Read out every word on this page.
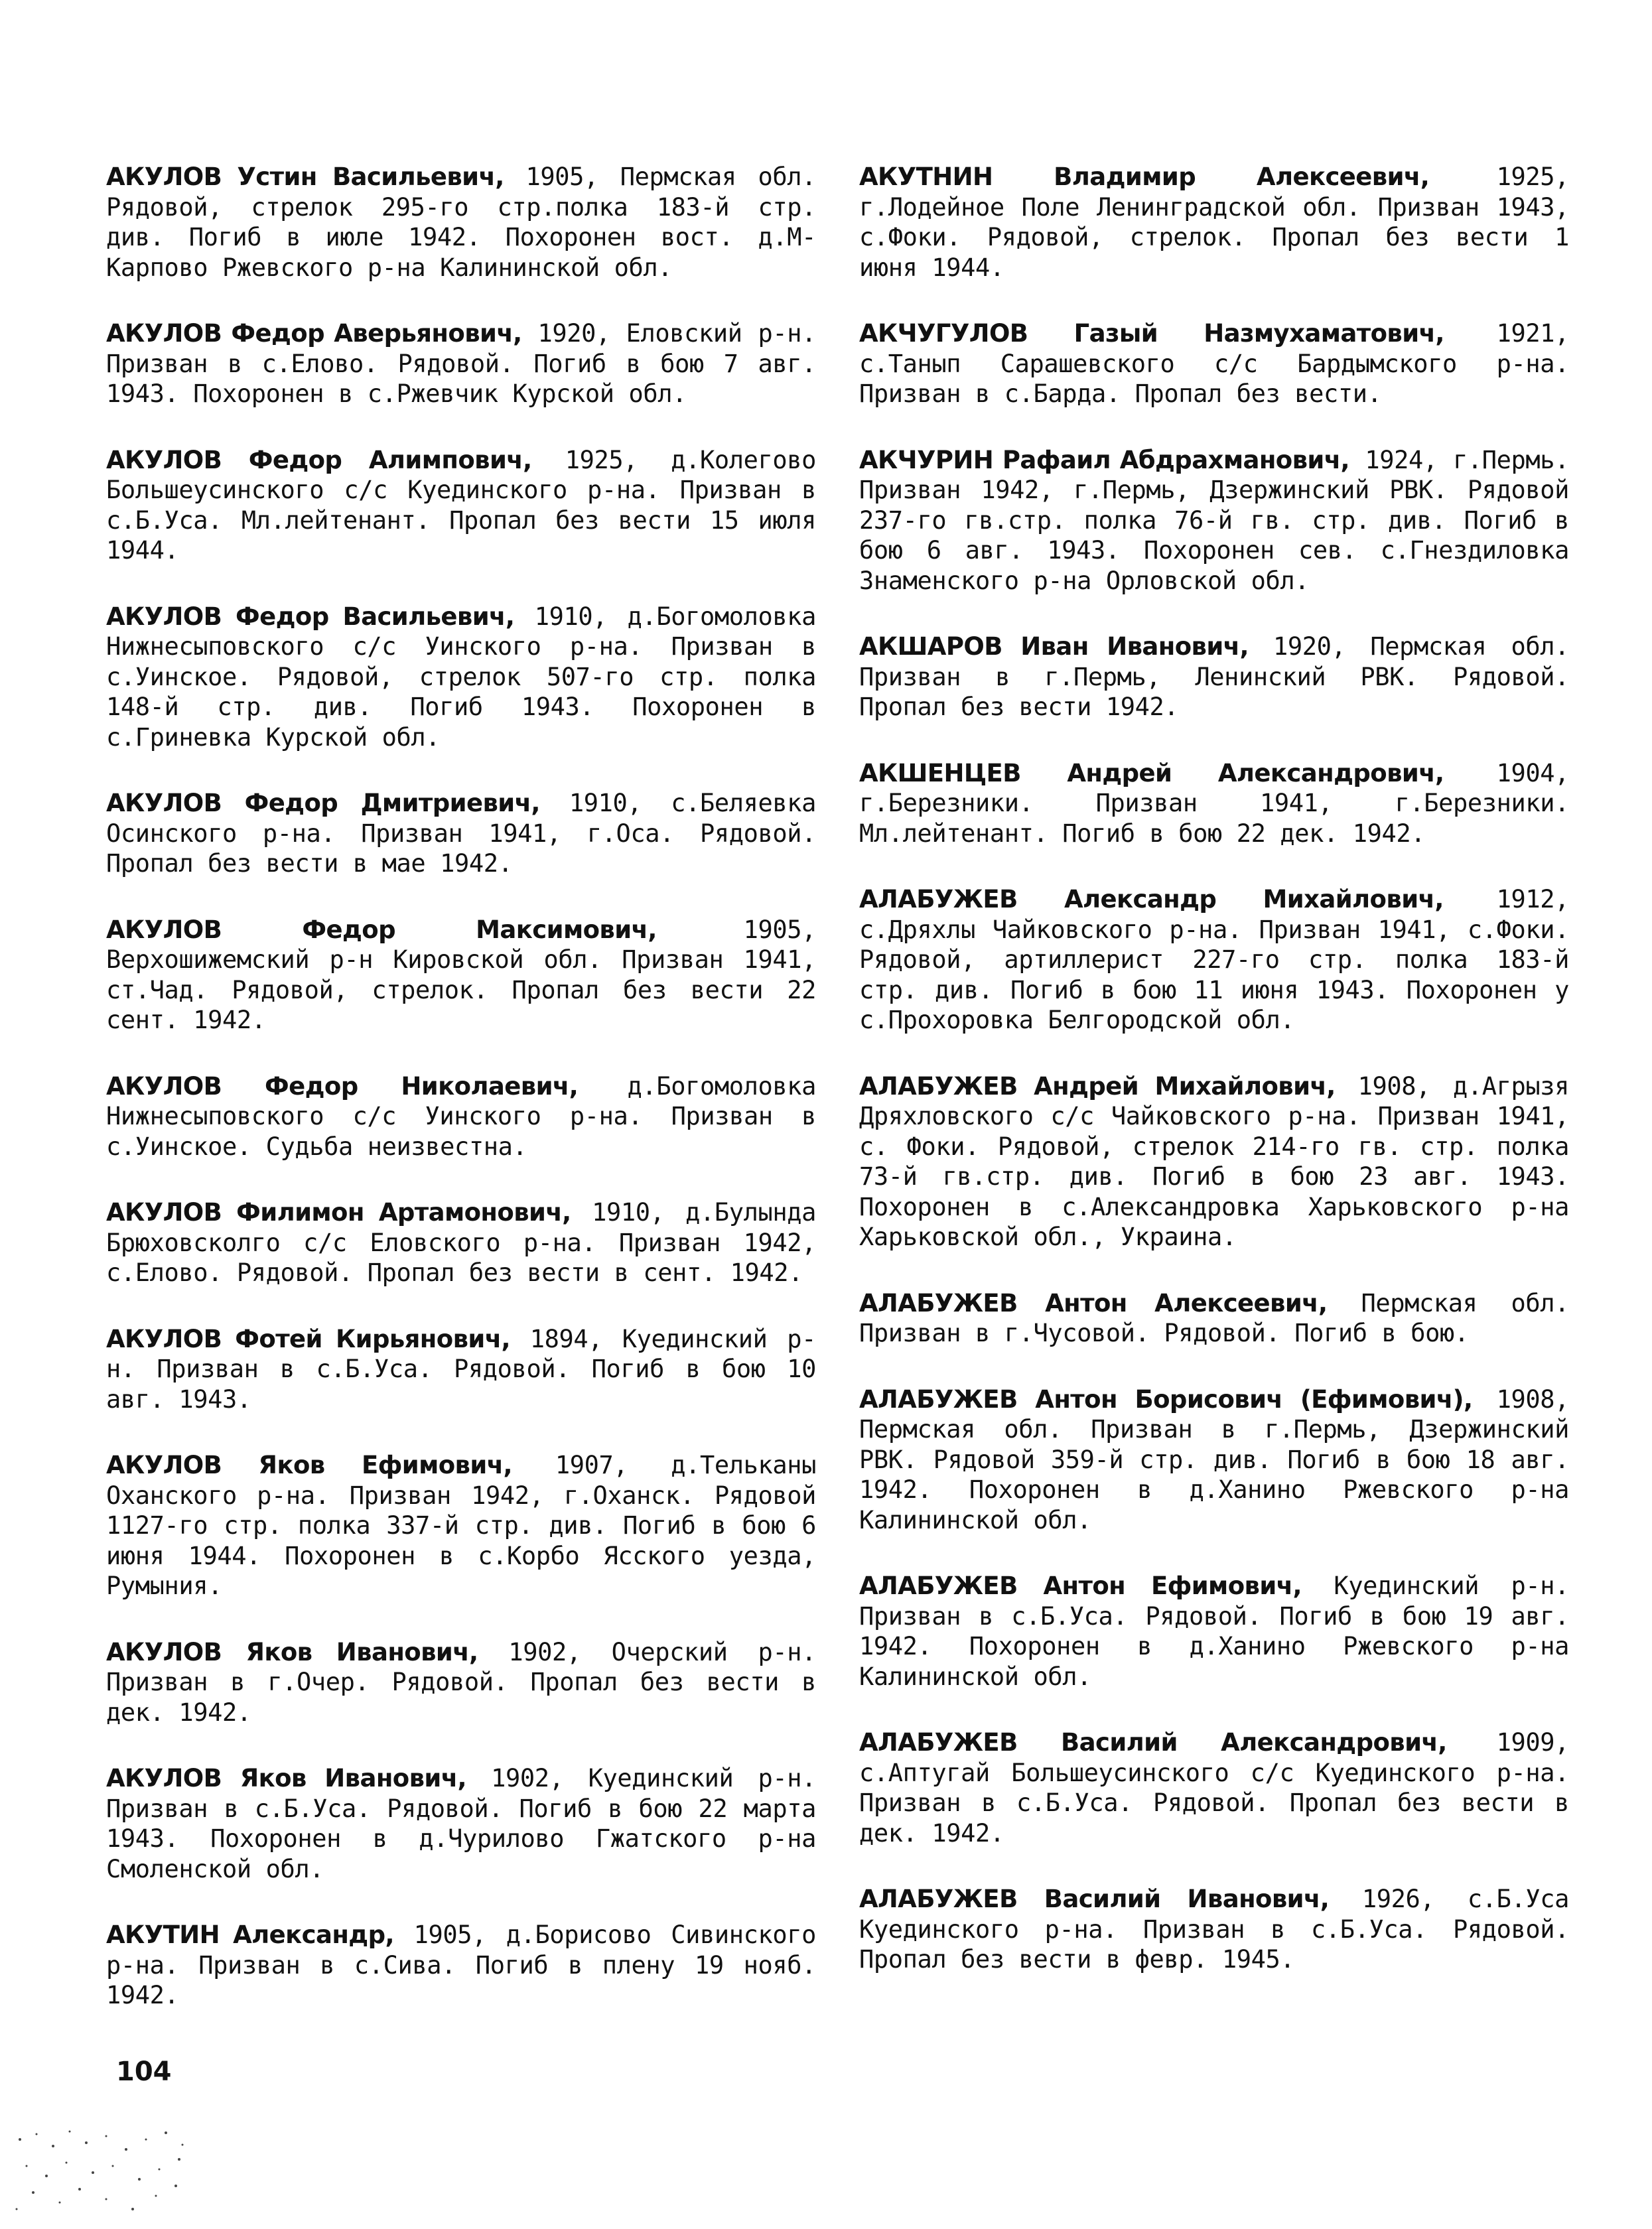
АКУЛОВ Устин Васильевич, 1905, Пермская обл. Рядовой, стрелок 295-го стр.полка 183-й стр. див. Погиб в июле 1942. Похоронен вост. д.М-Карпово Ржевского р-на Калининской обл.

АКУЛОВ Федор Аверьянович, 1920, Еловский р-н. Призван в с.Елово. Рядовой. Погиб в бою 7 авг. 1943. Похоронен в с.Ржевчик Курской обл.

АКУЛОВ Федор Алимпович, 1925, д.Колегово Большеусинского с/с Куединского р-на. Призван в с.Б.Уса. Мл.лейтенант. Пропал без вести 15 июля 1944.

АКУЛОВ Федор Васильевич, 1910, д.Богомоловка Нижнесыповского с/с Уинского р-на. Призван в с.Уинское. Рядовой, стрелок 507-го стр. полка 148-й стр. див. Погиб 1943. Похоронен в с.Гриневка Курской обл.

АКУЛОВ Федор Дмитриевич, 1910, с.Беляевка Осинского р-на. Призван 1941, г.Оса. Рядовой. Пропал без вести в мае 1942.

АКУЛОВ Федор Максимович, 1905, Верхошижемский р-н Кировской обл. Призван 1941, ст.Чад. Рядовой, стрелок. Пропал без вести 22 сент. 1942.

АКУЛОВ Федор Николаевич, д.Богомоловка Нижнесыповского с/с Уинского р-на. Призван в с.Уинское. Судьба неизвестна.

АКУЛОВ Филимон Артамонович, 1910, д.Булында Брюховсколго с/с Еловского р-на. Призван 1942, с.Елово. Рядовой. Пропал без вести в сент. 1942.

АКУЛОВ Фотей Кирьянович, 1894, Куединский р-н. Призван в с.Б.Уса. Рядовой. Погиб в бою 10 авг. 1943.

АКУЛОВ Яков Ефимович, 1907, д.Тельканы Оханского р-на. Призван 1942, г.Оханск. Рядовой 1127-го стр. полка 337-й стр. див. Погиб в бою 6 июня 1944. Похоронен в с.Корбо Ясского уезда, Румыния.

АКУЛОВ Яков Иванович, 1902, Очерский р-н. Призван в г.Очер. Рядовой. Пропал без вести в дек. 1942.

АКУЛОВ Яков Иванович, 1902, Куединский р-н. Призван в с.Б.Уса. Рядовой. Погиб в бою 22 марта 1943. Похоронен в д.Чурилово Гжатского р-на Смоленской обл.

АКУТИН Александр, 1905, д.Борисово Сивинского р-на. Призван в с.Сива. Погиб в плену 19 нояб. 1942.

АКУТНИН Владимир Алексеевич, 1925, г.Лодейное Поле Ленинградской обл. Призван 1943, с.Фоки. Рядовой, стрелок. Пропал без вести 1 июня 1944.

АКЧУГУЛОВ Газый Назмухаматович, 1921, с.Танып Сарашевского с/с Бардымского р-на. Призван в с.Барда. Пропал без вести.

АКЧУРИН Рафаил Абдрахманович, 1924, г.Пермь. Призван 1942, г.Пермь, Дзержинский РВК. Рядовой 237-го гв.стр. полка 76-й гв. стр. див. Погиб в бою 6 авг. 1943. Похоронен сев. с.Гнездиловка Знаменского р-на Орловской обл.

АКШАРОВ Иван Иванович, 1920, Пермская обл. Призван в г.Пермь, Ленинский РВК. Рядовой. Пропал без вести 1942.

АКШЕНЦЕВ Андрей Александрович, 1904, г.Березники. Призван 1941, г.Березники. Мл.лейтенант. Погиб в бою 22 дек. 1942.

АЛАБУЖЕВ Александр Михайлович, 1912, с.Дряхлы Чайковского р-на. Призван 1941, с.Фоки. Рядовой, артиллерист 227-го стр. полка 183-й стр. див. Погиб в бою 11 июня 1943. Похоронен у с.Прохоровка Белгородской обл.

АЛАБУЖЕВ Андрей Михайлович, 1908, д.Агрызя Дряхловского с/с Чайковского р-на. Призван 1941, с. Фоки. Рядовой, стрелок 214-го гв. стр. полка 73-й гв.стр. див. Погиб в бою 23 авг. 1943. Похоронен в с.Александровка Харьковского р-на Харьковской обл., Украина.

АЛАБУЖЕВ Антон Алексеевич, Пермская обл. Призван в г.Чусовой. Рядовой. Погиб в бою.

АЛАБУЖЕВ Антон Борисович (Ефимович), 1908, Пермская обл. Призван в г.Пермь, Дзержинский РВК. Рядовой 359-й стр. див. Погиб в бою 18 авг. 1942. Похоронен в д.Ханино Ржевского р-на Калининской обл.

АЛАБУЖЕВ Антон Ефимович, Куединский р-н. Призван в с.Б.Уса. Рядовой. Погиб в бою 19 авг. 1942. Похоронен в д.Ханино Ржевского р-на Калининской обл.

АЛАБУЖЕВ Василий Александрович, 1909, с.Аптугай Большеусинского с/с Куединского р-на. Призван в с.Б.Уса. Рядовой. Пропал без вести в дек. 1942.

АЛАБУЖЕВ Василий Иванович, 1926, с.Б.Уса Куединского р-на. Призван в с.Б.Уса. Рядовой. Пропал без вести в февр. 1945.

104
